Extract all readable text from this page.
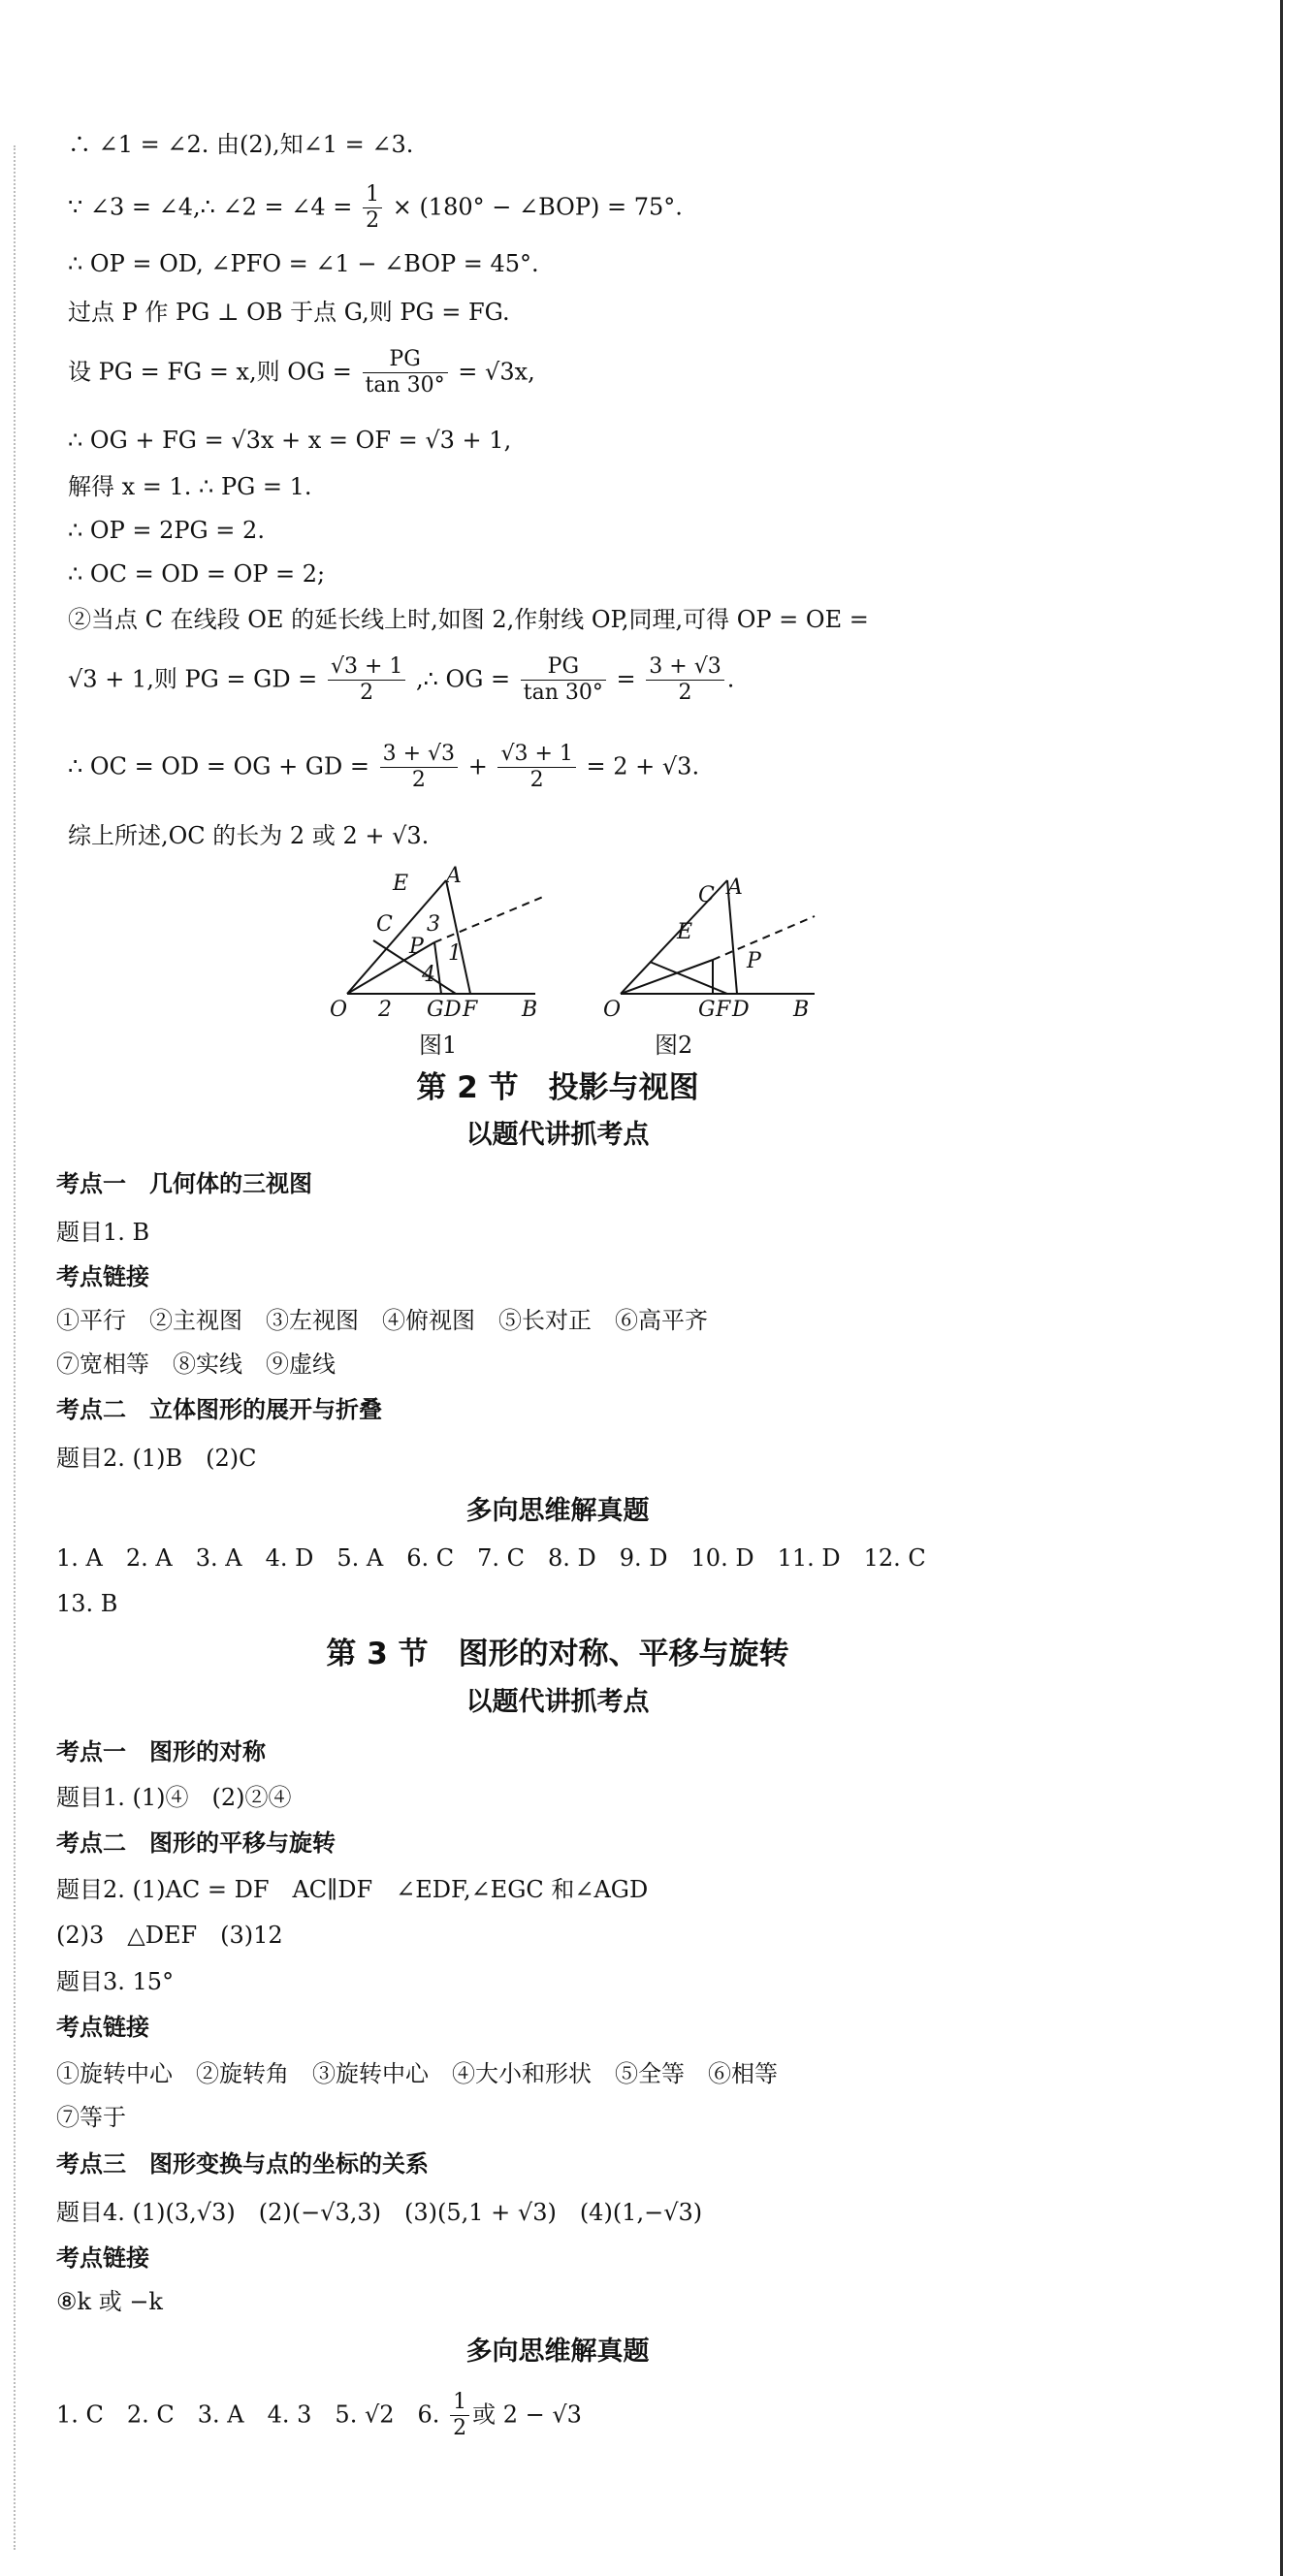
∴ ∠1 = ∠2. 由(2),知∠1 = ∠3.
∵ ∠3 = ∠4,∴ ∠2 = ∠4 = $\frac{1}{2} \times (180^\circ$ − ∠BOP) = 75°.
∴ OP = OD, ∠PFO = ∠1 − ∠BOP = 45°.
过点 P 作 PG ⊥ OB 于点 G,则 PG = FG.
设 PG = FG = x,则 OG = $\frac{PG}{\tan 30^\circ} = √3x$,
∴ OG + FG = √3x + x = OF = √3 + 1,
解得 x = 1. ∴ PG = 1.
∴ OP = 2PG = 2.
∴ OC = OD = OP = 2;
②当点 C 在线段 OE 的延长线上时,如图 2,作射线 OP,同理,可得 OP = OE =
√3 + 1,则 PG = GD = $\frac{√3 + 1}{2}$ ,∴ OG = $\frac{PG}{\tan 30^\circ} = \frac{3 + √3}{2}$ .
∴ OC = OD = OG + GD = $\frac{3 + √3}{2} + \frac{√3 + 1}{2} = 2 + √3$.
综上所述,OC 的长为 2 或 2 + √3.
E A
C 3
P 1
4
O 2 G D F B
图1
C A
E
P
O	G F D B
图2
第 2 节　投影与视图
以题代讲抓考点
考点一　几何体的三视图
题目1. B
考点链接
①平行　②主视图　③左视图　④俯视图　⑤长对正　⑥高平齐
⑦宽相等　⑧实线　⑨虚线
考点二　立体图形的展开与折叠
题目2. (1)B　(2)C
多向思维解真题
1. A　2. A　3. A　4. D　5. A　6. C　7. C　8. D　9. D　10. D　11. D　12. C
13. B
第 3 节　图形的对称、平移与旋转
以题代讲抓考点
考点一　图形的对称
题目1. (1)④　(2)②④
考点二　图形的平移与旋转
题目2. (1)AC = DF　AC∥DF　∠EDF,∠EGC 和∠AGD
(2)3　△DEF　(3)12
题目3. 15°
考点链接
①旋转中心　②旋转角　③旋转中心　④大小和形状　⑤全等　⑥相等
⑦等于
考点三　图形变换与点的坐标的关系
题目4. (1)(3,√3)　(2)(−√3,3)　(3)(5,1 + √3)　(4)(1,−√3)
考点链接
⑧k 或 −k
多向思维解真题
1. C　2. C　3. A　4. 3　5. √2　6. $\frac{1}{2}$ 或 2 − √3
